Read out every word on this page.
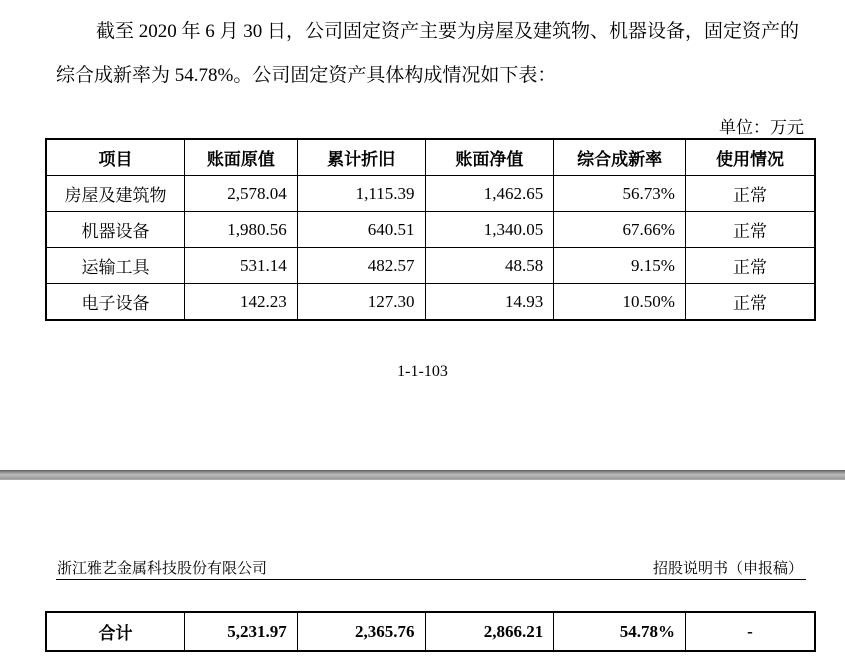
截至 2020 年 6 月 30 日，公司固定资产主要为房屋及建筑物、机器设备，固定资产的综合成新率为 54.78%。公司固定资产具体构成情况如下表：

单位：万元
项目	账面原值	累计折旧	账面净值	综合成新率	使用情况
房屋及建筑物	2,578.04	1,115.39	1,462.65	56.73%	正常
机器设备	1,980.56	640.51	1,340.05	67.66%	正常
运输工具	531.14	482.57	48.58	9.15%	正常
电子设备	142.23	127.30	14.93	10.50%	正常
1-1-103
浙江雅艺金属科技股份有限公司	招股说明书（申报稿）
合计	5,231.97	2,365.76	2,866.21	54.78%	-
